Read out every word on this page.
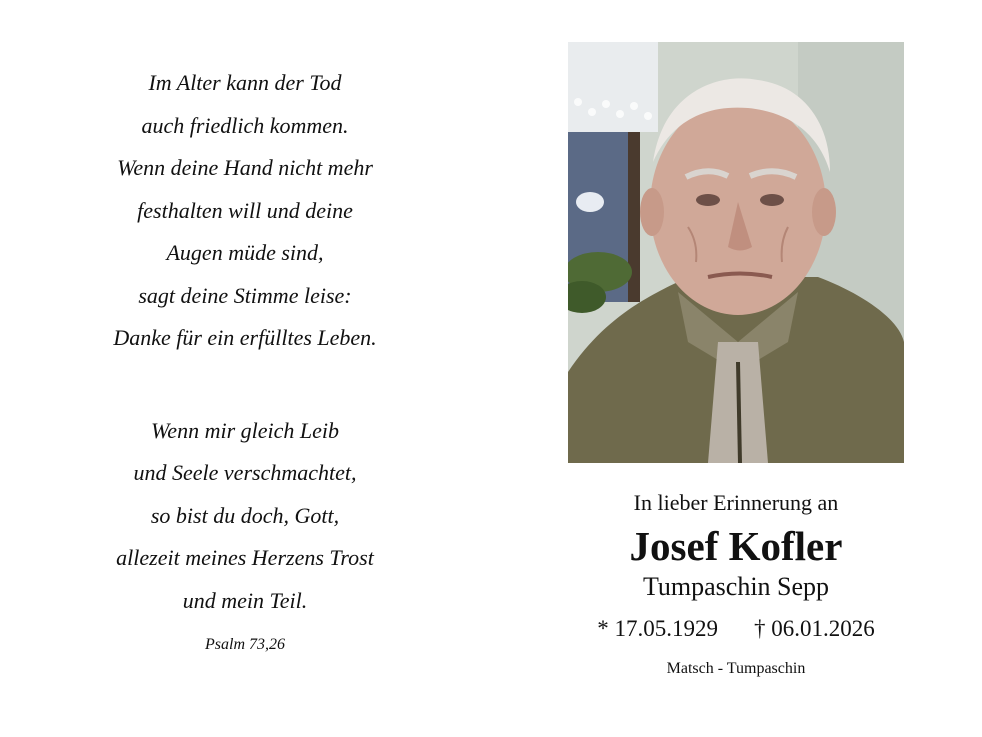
Im Alter kann der Tod
auch friedlich kommen.
Wenn deine Hand nicht mehr
festhalten will und deine
Augen müde sind,
sagt deine Stimme leise:
Danke für ein erfülltes Leben.
Wenn mir gleich Leib
und Seele verschmachtet,
so bist du doch, Gott,
allezeit meines Herzens Trost
und mein Teil.
Psalm 73,26
In lieber Erinnerung an
Josef Kofler
Tumpaschin Sepp
* 17.05.1929 † 06.01.2026
Matsch - Tumpaschin
